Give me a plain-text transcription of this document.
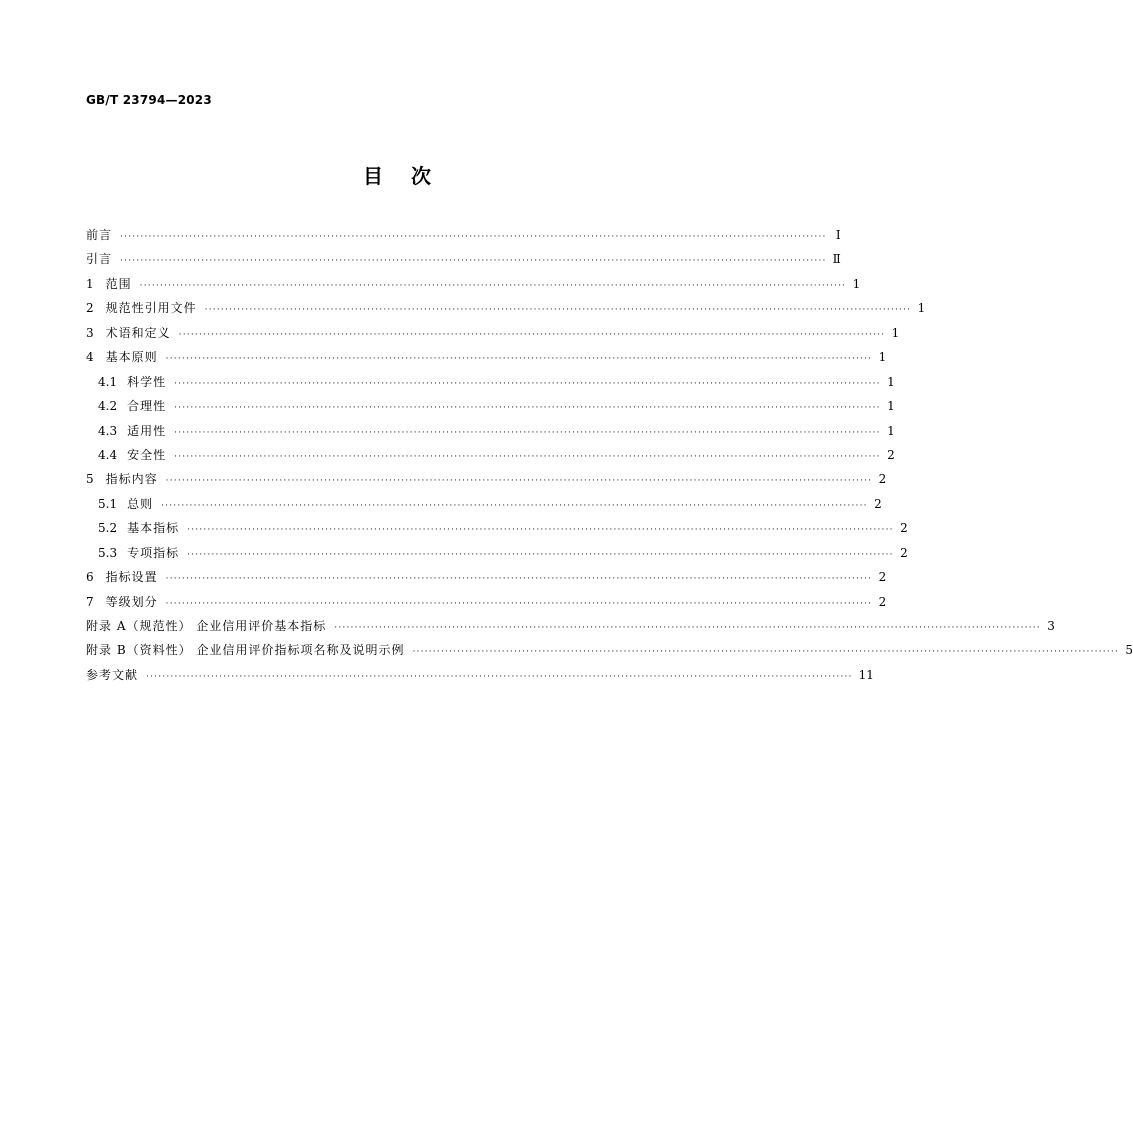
GB/T 23794—2023
目次
前言 ·············································································································································································· Ⅰ
引言 ·············································································································································································· Ⅱ
1 范围 ·············································································································································································· 1
2 规范性引用文件 ·············································································································································································· 1
3 术语和定义 ·············································································································································································· 1
4 基本原则 ·············································································································································································· 1
4.1 科学性 ·············································································································································································· 1
4.2 合理性 ·············································································································································································· 1
4.3 适用性 ·············································································································································································· 1
4.4 安全性 ·············································································································································································· 2
5 指标内容 ·············································································································································································· 2
5.1 总则 ·············································································································································································· 2
5.2 基本指标 ·············································································································································································· 2
5.3 专项指标 ·············································································································································································· 2
6 指标设置 ·············································································································································································· 2
7 等级划分 ·············································································································································································· 2
附录 A（规范性） 企业信用评价基本指标 ·············································································································································································· 3
附录 B（资料性） 企业信用评价指标项名称及说明示例 ·············································································································································································· 5
参考文献 ·············································································································································································· 11
